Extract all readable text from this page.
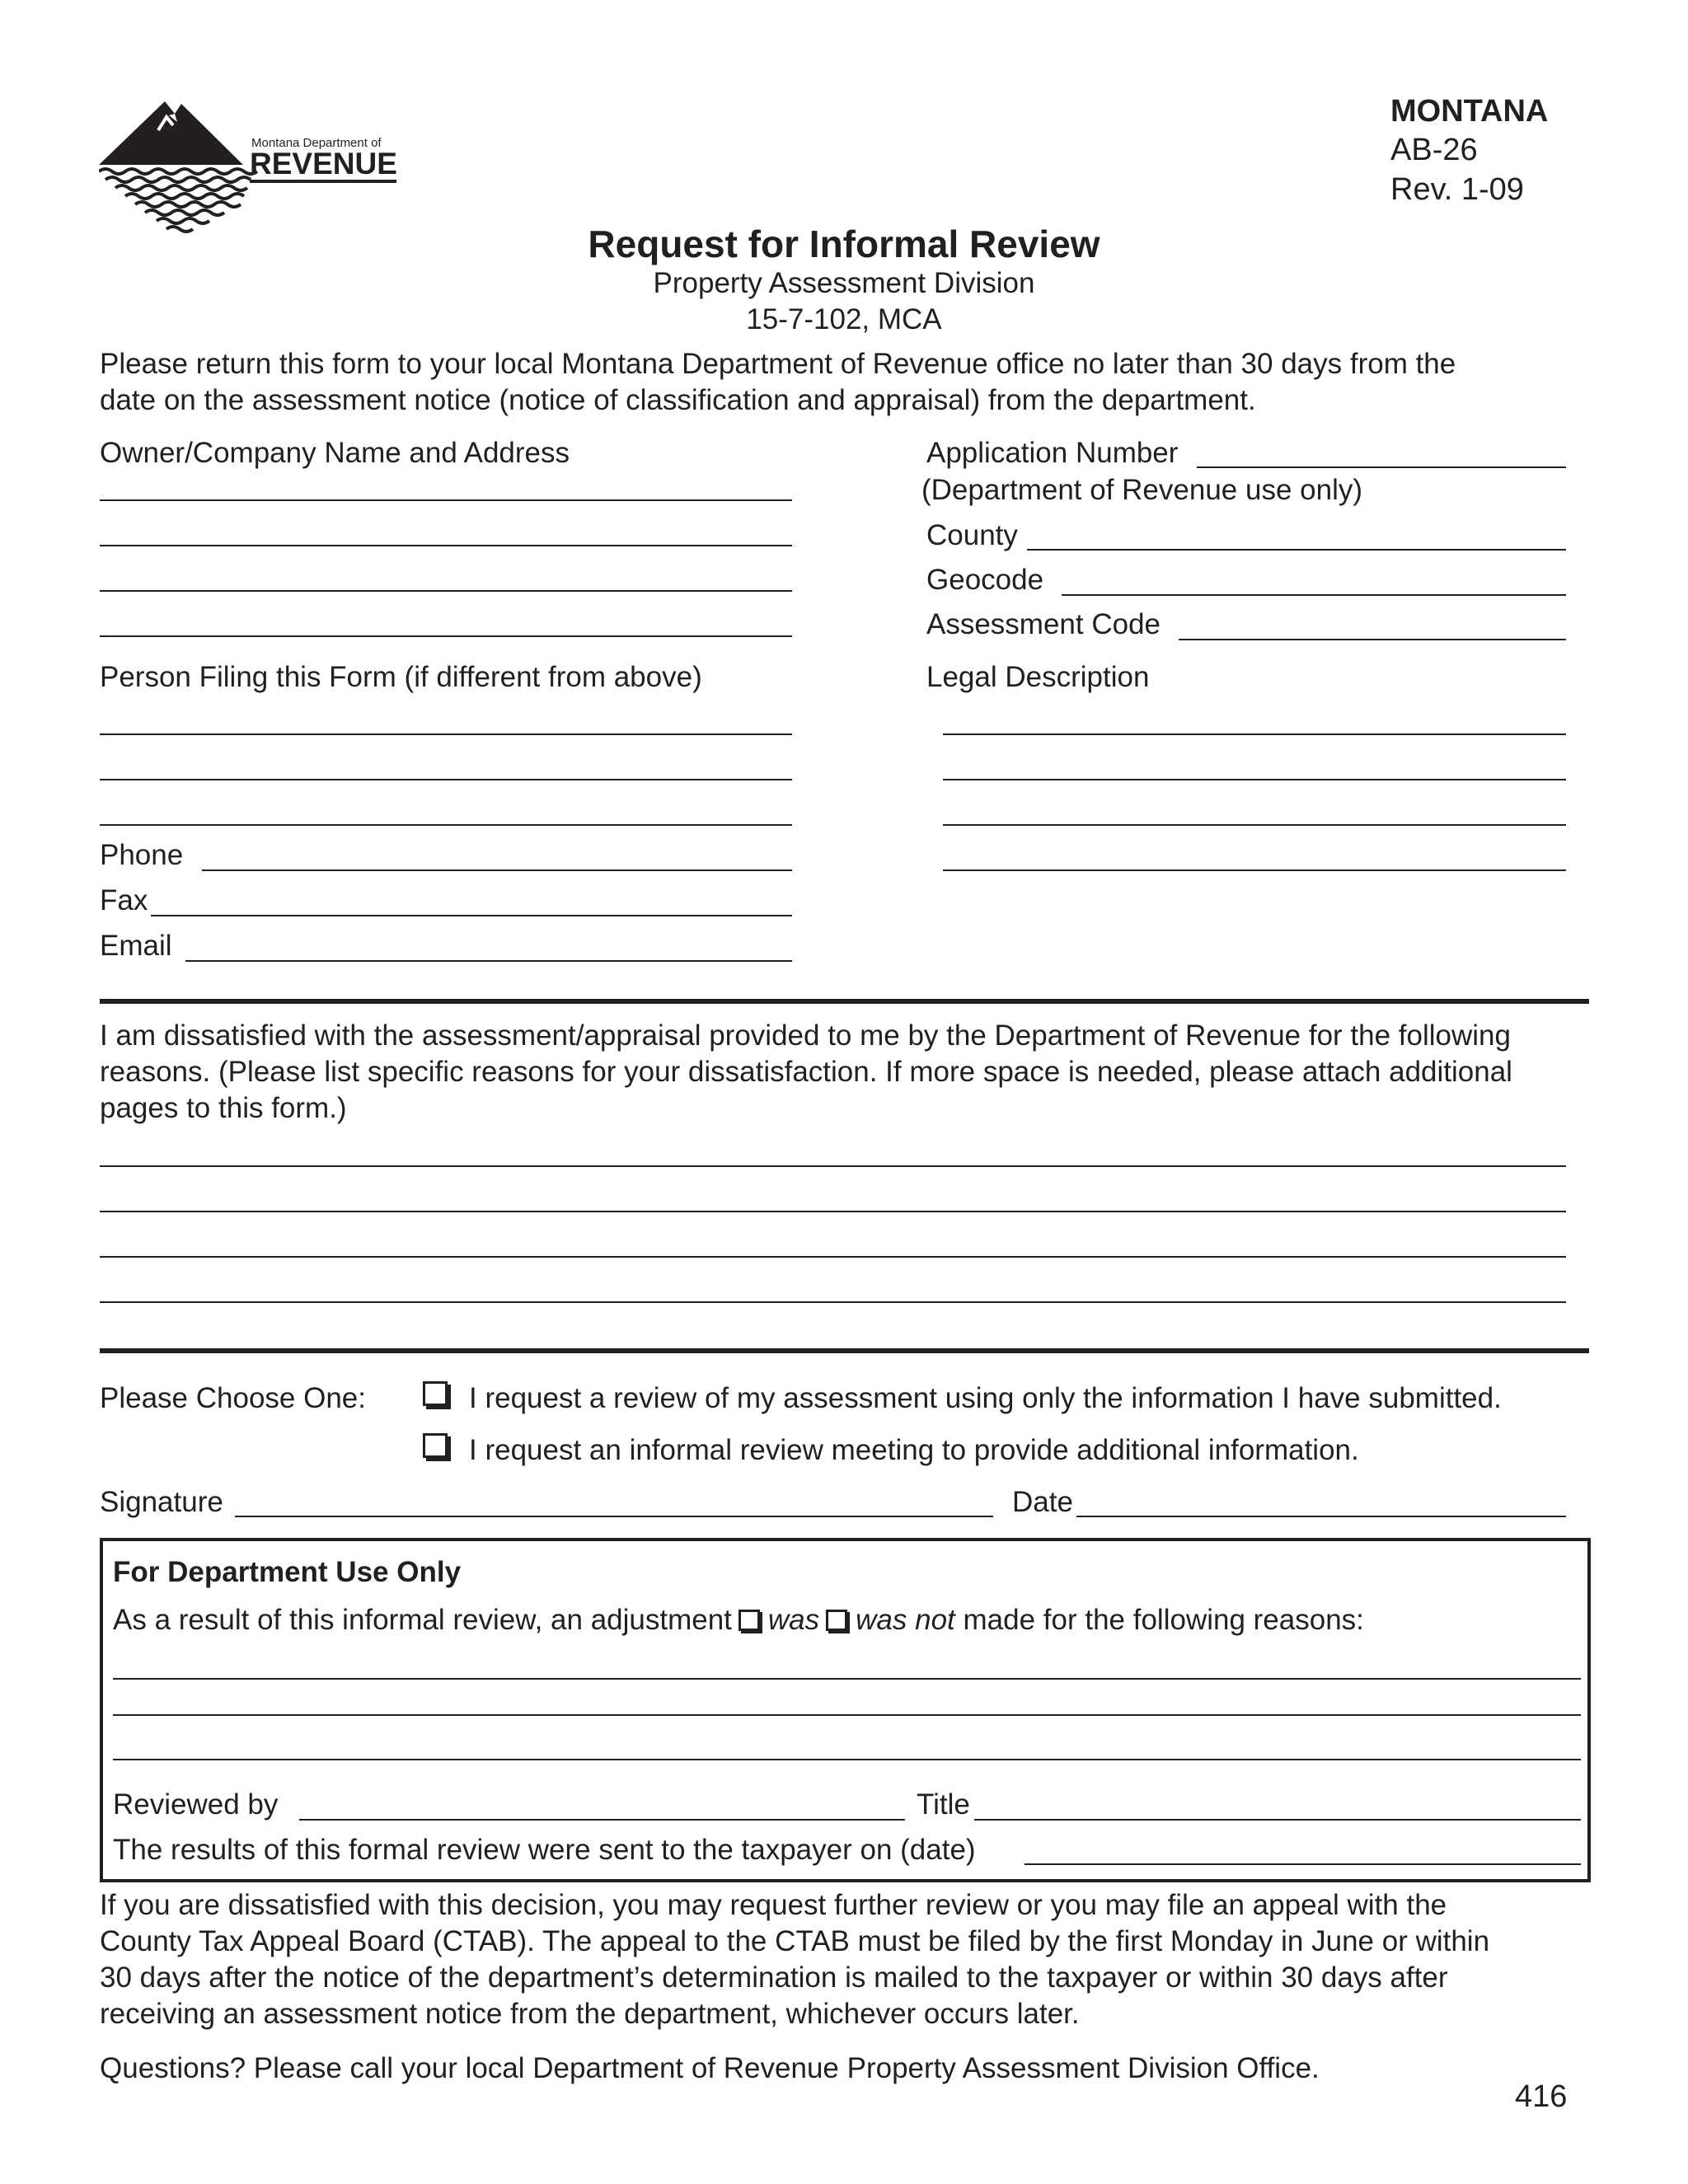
Montana Department of
REVENUE
MONTANA
AB-26
Rev. 1-09
Request for Informal Review
Property Assessment Division
15-7-102, MCA
Please return this form to your local Montana Department of Revenue office no later than 30 days from the
date on the assessment notice (notice of classification and appraisal) from the department.
Owner/Company Name and Address
Person Filing this Form (if different from above)
Phone
Fax
Email
Application Number
(Department of Revenue use only)
County
Geocode
Assessment Code
Legal Description
I am dissatisfied with the assessment/appraisal provided to me by the Department of Revenue for the following
reasons. (Please list specific reasons for your dissatisfaction. If more space is needed, please attach additional
pages to this form.)
Please Choose One:	I request a review of my assessment using only the information I have submitted.
I request an informal review meeting to provide additional information.
Signature	Date
For Department Use Only
As a result of this informal review, an adjustment was was not made for the following reasons:
Reviewed by	Title
The results of this formal review were sent to the taxpayer on (date)
If you are dissatisfied with this decision, you may request further review or you may file an appeal with the
County Tax Appeal Board (CTAB). The appeal to the CTAB must be filed by the first Monday in June or within
30 days after the notice of the department’s determination is mailed to the taxpayer or within 30 days after
receiving an assessment notice from the department, whichever occurs later.
Questions? Please call your local Department of Revenue Property Assessment Division Office.
416
